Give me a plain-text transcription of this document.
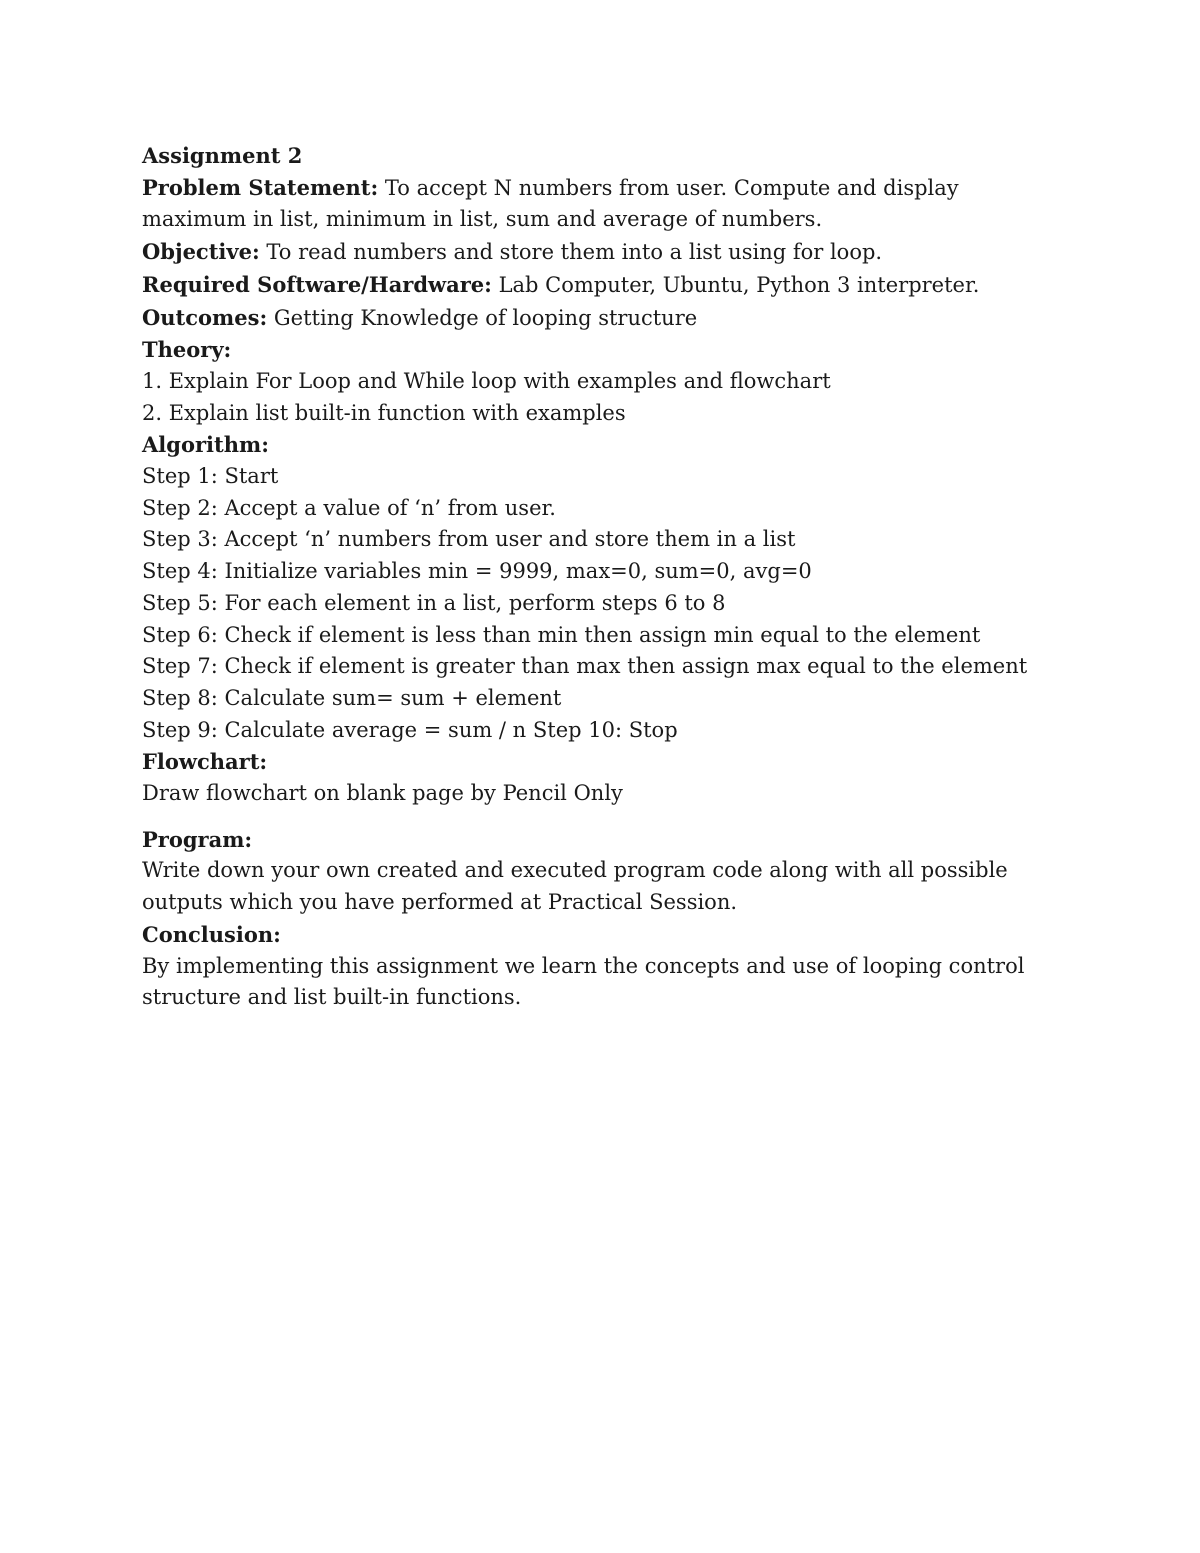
Assignment 2

Problem Statement: To accept N numbers from user. Compute and display maximum in list, minimum in list, sum and average of numbers.

Objective: To read numbers and store them into a list using for loop.

Required Software/Hardware: Lab Computer, Ubuntu, Python 3 interpreter.

Outcomes: Getting Knowledge of looping structure

Theory:

1. Explain For Loop and While loop with examples and flowchart

2. Explain list built-in function with examples

Algorithm:

Step 1: Start

Step 2: Accept a value of ‘n’ from user.

Step 3: Accept ‘n’ numbers from user and store them in a list

Step 4: Initialize variables min = 9999, max=0, sum=0, avg=0

Step 5: For each element in a list, perform steps 6 to 8

Step 6: Check if element is less than min then assign min equal to the element

Step 7: Check if element is greater than max then assign max equal to the element

Step 8: Calculate sum= sum + element

Step 9: Calculate average = sum / n Step 10: Stop

Flowchart:

Draw flowchart on blank page by Pencil Only

Program:

Write down your own created and executed program code along with all possible outputs which you have performed at Practical Session.

Conclusion:

By implementing this assignment we learn the concepts and use of looping control structure and list built-in functions.
